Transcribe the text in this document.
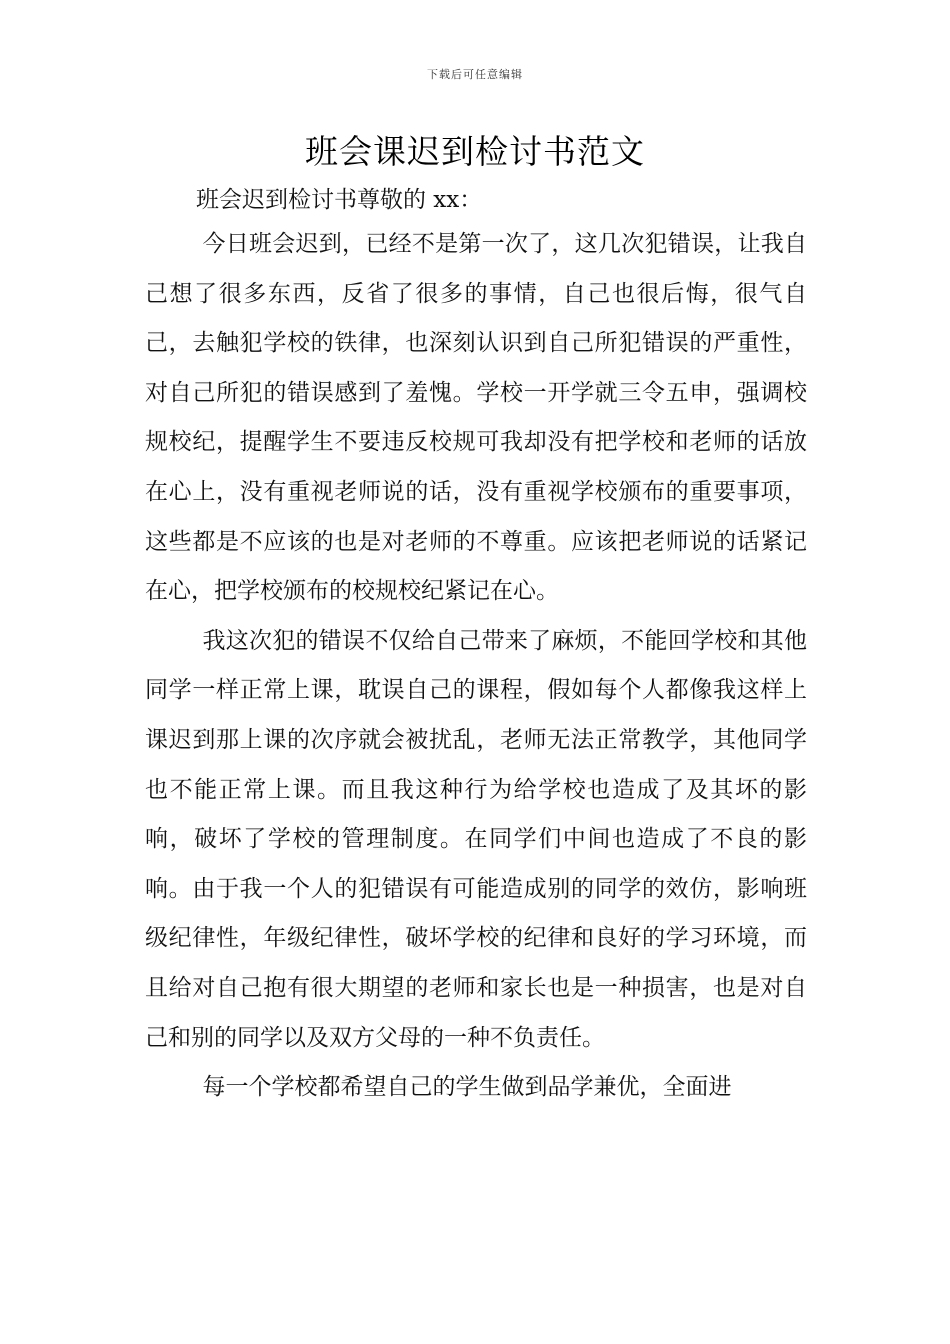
下载后可任意编辑
班会课迟到检讨书范文
班会迟到检讨书尊敬的 xx：

今日班会迟到，已经不是第一次了，这几次犯错误，让我自己想了很多东西，反省了很多的事情，自己也很后悔，很气自己，去触犯学校的铁律，也深刻认识到自己所犯错误的严重性，对自己所犯的错误感到了羞愧。学校一开学就三令五申，强调校规校纪，提醒学生不要违反校规可我却没有把学校和老师的话放在心上，没有重视老师说的话，没有重视学校颁布的重要事项，这些都是不应该的也是对老师的不尊重。应该把老师说的话紧记在心，把学校颁布的校规校纪紧记在心。

我这次犯的错误不仅给自己带来了麻烦，不能回学校和其他同学一样正常上课，耽误自己的课程，假如每个人都像我这样上课迟到那上课的次序就会被扰乱，老师无法正常教学，其他同学也不能正常上课。而且我这种行为给学校也造成了及其坏的影响，破坏了学校的管理制度。在同学们中间也造成了不良的影响。由于我一个人的犯错误有可能造成别的同学的效仿，影响班级纪律性，年级纪律性，破坏学校的纪律和良好的学习环境，而且给对自己抱有很大期望的老师和家长也是一种损害，也是对自己和别的同学以及双方父母的一种不负责任。

每一个学校都希望自己的学生做到品学兼优，全面进
